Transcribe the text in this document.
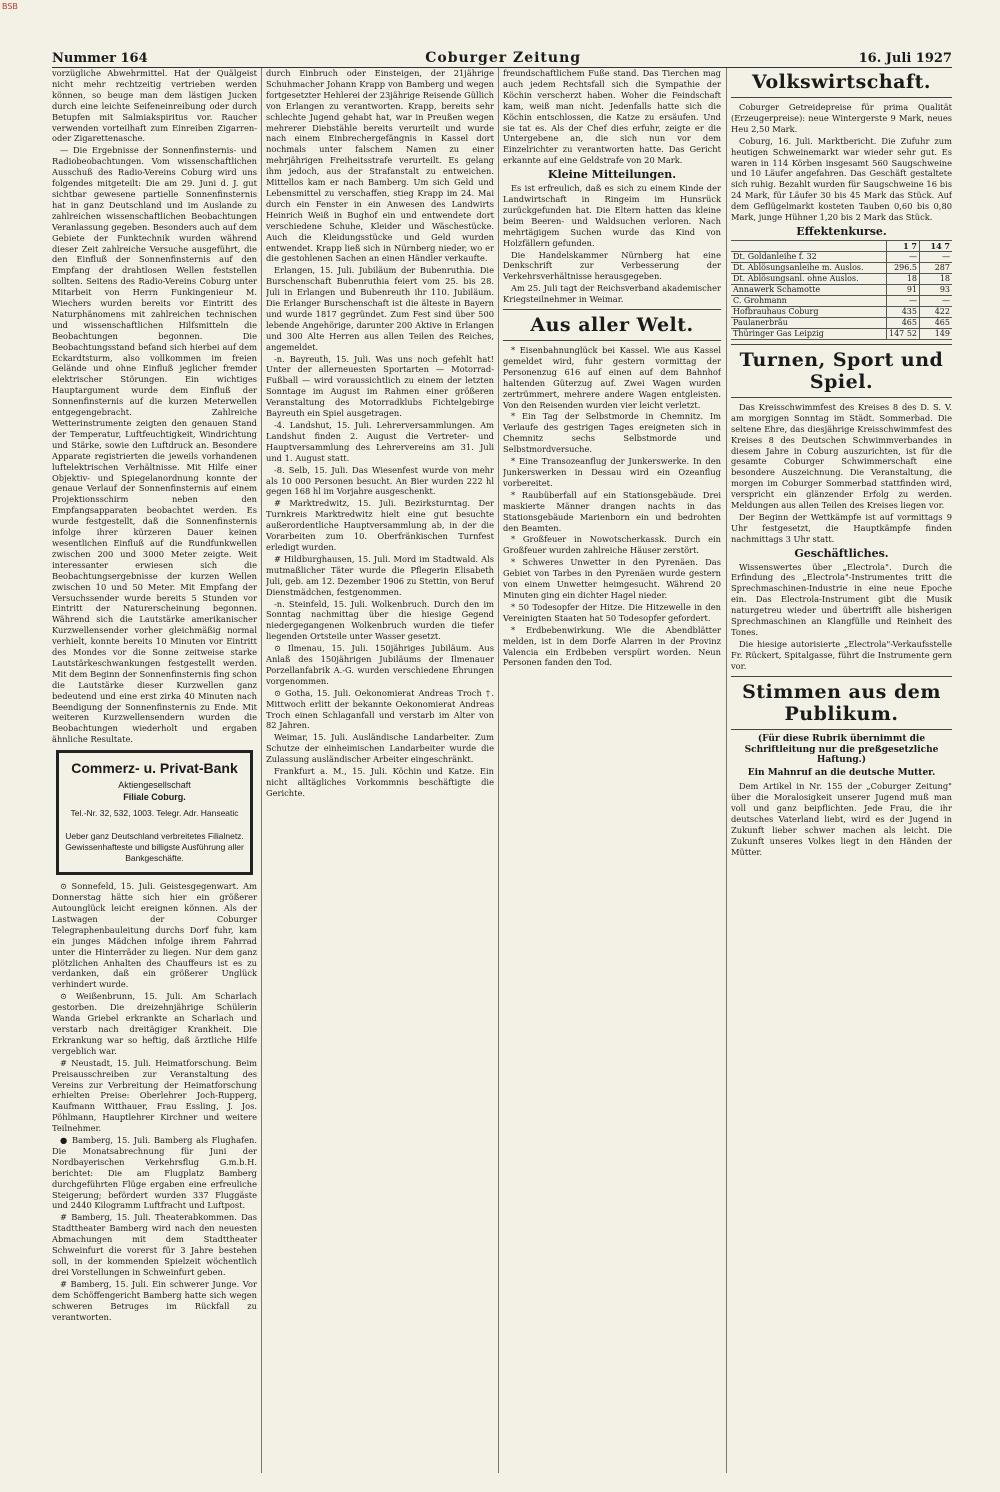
BSB
Nummer 164	Coburger Zeitung	16. Juli 1927

vorzügliche Abwehrmittel. Hat der Quälgeist nicht mehr rechtzeitig vertrieben werden können, so beuge man dem lästigen Jucken durch eine leichte Seifeneinreibung oder durch Betupfen mit Salmiakspiritus vor. Raucher verwenden vorteilhaft zum Einreiben Zigarren- oder Zigarettenasche.

— Die Ergebnisse der Sonnenfinsternis- und Radiobeobachtungen. Vom wissenschaftlichen Ausschuß des Radio-Vereins Coburg wird uns folgendes mitgeteilt: Die am 29. Juni d. J. gut sichtbar gewesene partielle Sonnenfinsternis hat in ganz Deutschland und im Auslande zu zahlreichen wissenschaftlichen Beobachtungen Veranlassung gegeben. Besonders auch auf dem Gebiete der Funktechnik wurden während dieser Zeit zahlreiche Versuche ausgeführt, die den Einfluß der Sonnenfinsternis auf den Empfang der drahtlosen Wellen feststellen sollten. Seitens des Radio-Vereins Coburg unter Mitarbeit von Herrn Funkingenieur M. Wiechers wurden bereits vor Eintritt des Naturphänomens mit zahlreichen technischen und wissenschaftlichen Hilfsmitteln die Beobachtungen begonnen. Die Beobachtungsstand befand sich hierbei auf dem Eckardtsturm, also vollkommen im freien Gelände und ohne Einfluß jeglicher fremder elektrischer Störungen. Ein wichtiges Hauptargument wurde dem Einfluß der Sonnenfinsternis auf die kurzen Meterwellen entgegengebracht. Zahlreiche Wetterinstrumente zeigten den genauen Stand der Temperatur, Luftfeuchtigkeit, Windrichtung und Stärke, sowie den Luftdruck an. Besondere Apparate registrierten die jeweils vorhandenen luftelektrischen Verhältnisse. Mit Hilfe einer Objektiv- und Spiegelanordnung konnte der genaue Verlauf der Sonnenfinsternis auf einem Projektionsschirm neben den Empfangsapparaten beobachtet werden. Es wurde festgestellt, daß die Sonnenfinsternis infolge ihrer kürzeren Dauer keinen wesentlichen Einfluß auf die Rundfunkwellen zwischen 200 und 3000 Meter zeigte. Weit interessanter erwiesen sich die Beobachtungsergebnisse der kurzen Wellen zwischen 10 und 50 Meter. Mit Empfang der Versuchssender wurde bereits 5 Stunden vor Eintritt der Naturerscheinung begonnen. Während sich die Lautstärke amerikanischer Kurzwellensender vorher gleichmäßig normal verhielt, konnte bereits 10 Minuten vor Eintritt des Mondes vor die Sonne zeitweise starke Lautstärkeschwankungen festgestellt werden. Mit dem Beginn der Sonnenfinsternis fing schon die Lautstärke dieser Kurzwellen ganz bedeutend und eine erst zirka 40 Minuten nach Beendigung der Sonnenfinsternis zu Ende. Mit weiteren Kurzwellensendern wurden die Beobachtungen wiederholt und ergaben ähnliche Resultate.

Commerz- u. Privat-Bank
Aktiengesellschaft
Filiale Coburg.
Tel.-Nr. 32, 532, 1003. Telegr. Adr. Hanseatic
Ueber ganz Deutschland verbreitetes Filialnetz. Gewissenhafteste und billigste Ausführung aller Bankgeschäfte.

⊙ Sonnefeld, 15. Juli. Geistesgegenwart. Am Donnerstag hätte sich hier ein größerer Autounglück leicht ereignen können. Als der Lastwagen der Coburger Telegraphenbauleitung durchs Dorf fuhr, kam ein junges Mädchen infolge ihrem Fahrrad unter die Hinterräder zu liegen. Nur dem ganz plötzlichen Anhalten des Chauffeurs ist es zu verdanken, daß ein größerer Unglück verhindert wurde.

⊙ Weißenbrunn, 15. Juli. Am Scharlach gestorben. Die dreizehnjährige Schülerin Wanda Griebel erkrankte an Scharlach und verstarb nach dreitägiger Krankheit. Die Erkrankung war so heftig, daß ärztliche Hilfe vergeblich war.

# Neustadt, 15. Juli. Heimatforschung. Beim Preisausschreiben zur Veranstaltung des Vereins zur Verbreitung der Heimatforschung erhielten Preise: Oberlehrer Joch-Rupperg, Kaufmann Witthauer, Frau Essling, J. Jos. Pöhlmann, Hauptlehrer Kirchner und weitere Teilnehmer.

● Bamberg, 15. Juli. Bamberg als Flughafen. Die Monatsabrechnung für Juni der Nordbayerischen Verkehrsflug G.m.b.H. berichtet: Die am Flugplatz Bamberg durchgeführten Flüge ergaben eine erfreuliche Steigerung; befördert wurden 337 Fluggäste und 2440 Kilogramm Luftfracht und Luftpost.

# Bamberg, 15. Juli. Theaterabkommen. Das Stadttheater Bamberg wird nach den neuesten Abmachungen mit dem Stadttheater Schweinfurt die vorerst für 3 Jahre bestehen soll, in der kommenden Spielzeit wöchentlich drei Vorstellungen in Schweinfurt geben.

# Bamberg, 15. Juli. Ein schwerer Junge. Vor dem Schöffengericht Bamberg hatte sich wegen schweren Betruges im Rückfall zu verantworten.

durch Einbruch oder Einsteigen, der 21jährige Schuhmacher Johann Krapp von Bamberg und wegen fortgesetzter Hehlerei der 23jährige Reisende Güllich von Erlangen zu verantworten. Krapp, bereits sehr schlechte Jugend gehabt hat, war in Preußen wegen mehrerer Diebstähle bereits verurteilt und wurde nach einem Einbrechergefängnis in Kassel dort nochmals unter falschem Namen zu einer mehrjährigen Freiheitsstrafe verurteilt. Es gelang ihm jedoch, aus der Strafanstalt zu entweichen. Mittellos kam er nach Bamberg. Um sich Geld und Lebensmittel zu verschaffen, stieg Krapp im 24. Mai durch ein Fenster in ein Anwesen des Landwirts Heinrich Weiß in Bughof ein und entwendete dort verschiedene Schuhe, Kleider und Wäschestücke. Auch die Kleidungsstücke und Geld wurden entwendet. Krapp ließ sich in Nürnberg nieder, wo er die gestohlenen Sachen an einen Händler verkaufte.

Erlangen, 15. Juli. Jubiläum der Bubenruthia. Die Burschenschaft Bubenruthia feiert vom 25. bis 28. Juli in Erlangen und Bubenreuth ihr 110. Jubiläum. Die Erlanger Burschenschaft ist die älteste in Bayern und wurde 1817 gegründet. Zum Fest sind über 500 lebende Angehörige, darunter 200 Aktive in Erlangen und 300 Alte Herren aus allen Teilen des Reiches, angemeldet.

-n. Bayreuth, 15. Juli. Was uns noch gefehlt hat! Unter der allerneuesten Sportarten — Motorrad-Fußball — wird voraussichtlich zu einem der letzten Sonntage im August im Rahmen einer größeren Veranstaltung des Motorradklubs Fichtelgebirge Bayreuth ein Spiel ausgetragen.

-4. Landshut, 15. Juli. Lehrerversammlungen. Am Landshut finden 2. August die Vertreter- und Hauptversammlung des Lehrervereins am 31. Juli und 1. August statt.

-8. Selb, 15. Juli. Das Wiesenfest wurde von mehr als 10 000 Personen besucht. An Bier wurden 222 hl gegen 168 hl im Vorjahre ausgeschenkt.

# Marktredwitz, 15. Juli. Bezirksturntag. Der Turnkreis Marktredwitz hielt eine gut besuchte außerordentliche Hauptversammlung ab, in der die Vorarbeiten zum 10. Oberfränkischen Turnfest erledigt wurden.

# Hildburghausen, 15. Juli. Mord im Stadtwald. Als mutmaßlicher Täter wurde die Pflegerin Elisabeth Juli, geb. am 12. Dezember 1906 zu Stettin, von Beruf Dienstmädchen, festgenommen.

-n. Steinfeld, 15. Juli. Wolkenbruch. Durch den im Sonntag nachmittag über die hiesige Gegend niedergegangenen Wolkenbruch wurden die tiefer liegenden Ortsteile unter Wasser gesetzt.

⊙ Ilmenau, 15. Juli. 150jähriges Jubiläum. Aus Anlaß des 150jährigen Jubiläums der Ilmenauer Porzellanfabrik A.-G. wurden verschiedene Ehrungen vorgenommen.

⊙ Gotha, 15. Juli. Oekonomierat Andreas Troch †. Mittwoch erlitt der bekannte Oekonomierat Andreas Troch einen Schlaganfall und verstarb im Alter von 82 Jahren.

Weimar, 15. Juli. Ausländische Landarbeiter. Zum Schutze der einheimischen Landarbeiter wurde die Zulassung ausländischer Arbeiter eingeschränkt.

Frankfurt a. M., 15. Juli. Köchin und Katze. Ein nicht alltägliches Vorkommnis beschäftigte die Gerichte.

freundschaftlichem Fuße stand. Das Tierchen mag auch jedem Rechtsfall sich die Sympathie der Köchin verscherzt haben. Woher die Feindschaft kam, weiß man nicht. Jedenfalls hatte sich die Köchin entschlossen, die Katze zu ersäufen. Und sie tat es. Als der Chef dies erfuhr, zeigte er die Untergebene an, die sich nun vor dem Einzelrichter zu verantworten hatte. Das Gericht erkannte auf eine Geldstrafe von 20 Mark.

Kleine Mitteilungen.

Es ist erfreulich, daß es sich zu einem Kinde der Landwirtschaft in Ringeim im Hunsrück zurückgefunden hat. Die Eltern hatten das kleine beim Beeren- und Waldsuchen verloren. Nach mehrtägigem Suchen wurde das Kind von Holzfällern gefunden.

Die Handelskammer Nürnberg hat eine Denkschrift zur Verbesserung der Verkehrsverhältnisse herausgegeben.

Am 25. Juli tagt der Reichsverband akademischer Kriegsteilnehmer in Weimar.

Aus aller Welt.

* Eisenbahnunglück bei Kassel. Wie aus Kassel gemeldet wird, fuhr gestern vormittag der Personenzug 616 auf einen auf dem Bahnhof haltenden Güterzug auf. Zwei Wagen wurden zertrümmert, mehrere andere Wagen entgleisten. Von den Reisenden wurden vier leicht verletzt.

* Ein Tag der Selbstmorde in Chemnitz. Im Verlaufe des gestrigen Tages ereigneten sich in Chemnitz sechs Selbstmorde und Selbstmordversuche.

* Eine Transozeanflug der Junkerswerke. In den Junkerswerken in Dessau wird ein Ozeanflug vorbereitet.

* Raubüberfall auf ein Stationsgebäude. Drei maskierte Männer drangen nachts in das Stationsgebäude Marienborn ein und bedrohten den Beamten.

* Großfeuer in Nowotscherkassk. Durch ein Großfeuer wurden zahlreiche Häuser zerstört.

* Schweres Unwetter in den Pyrenäen. Das Gebiet von Tarbes in den Pyrenäen wurde gestern von einem Unwetter heimgesucht. Während 20 Minuten ging ein dichter Hagel nieder.

* 50 Todesopfer der Hitze. Die Hitzewelle in den Vereinigten Staaten hat 50 Todesopfer gefordert.

* Erdbebenwirkung. Wie die Abendblätter melden, ist in dem Dorfe Alarren in der Provinz Valencia ein Erdbeben verspürt worden. Neun Personen fanden den Tod.

Volkswirtschaft.

Coburger Getreidepreise für prima Qualität (Erzeugerpreise): neue Wintergerste 9 Mark, neues Heu 2,50 Mark.

Coburg, 16. Juli. Marktbericht. Die Zufuhr zum heutigen Schweinemarkt war wieder sehr gut. Es waren in 114 Körben insgesamt 560 Saugschweine und 10 Läufer angefahren. Das Geschäft gestaltete sich ruhig. Bezahlt wurden für Saugschweine 16 bis 24 Mark, für Läufer 30 bis 45 Mark das Stück. Auf dem Geflügelmarkt kosteten Tauben 0,60 bis 0,80 Mark, junge Hühner 1,20 bis 2 Mark das Stück.

Effektenkurse.
	1 7	14 7
Dt. Goldanleihe f. 32	—	—
Dt. Ablösungsanleihe m. Auslos.	296.5	287
Dt. Ablösungsanl. ohne Auslos.	18	18
Annawerk Schamotte	91	93
C. Grohmann	—	—
Hofbrauhaus Coburg	435	422
Paulanerbräu	465	465
Thüringer Gas Leipzig	147 52	149
Turnen, Sport und Spiel.

Das Kreisschwimmfest des Kreises 8 des D. S. V. am morgigen Sonntag im Städt. Sommerbad. Die seltene Ehre, das diesjährige Kreisschwimmfest des Kreises 8 des Deutschen Schwimmverbandes in diesem Jahre in Coburg auszurichten, ist für die gesamte Coburger Schwimmerschaft eine besondere Auszeichnung. Die Veranstaltung, die morgen im Coburger Sommerbad stattfinden wird, verspricht ein glänzender Erfolg zu werden. Meldungen aus allen Teilen des Kreises liegen vor.

Der Beginn der Wettkämpfe ist auf vormittags 9 Uhr festgesetzt, die Hauptkämpfe finden nachmittags 3 Uhr statt.

Geschäftliches.

Wissenswertes über „Electrola". Durch die Erfindung des „Electrola"-Instrumentes tritt die Sprechmaschinen-Industrie in eine neue Epoche ein. Das Electrola-Instrument gibt die Musik naturgetreu wieder und übertrifft alle bisherigen Sprechmaschinen an Klangfülle und Reinheit des Tones.

Die hiesige autorisierte „Electrola"-Verkaufsstelle Fr. Rückert, Spitalgasse, führt die Instrumente gern vor.

Stimmen aus dem Publikum.
(Für diese Rubrik übernimmt die Schriftleitung nur die preßgesetzliche Haftung.)
Ein Mahnruf an die deutsche Mutter.

Dem Artikel in Nr. 155 der „Coburger Zeitung" über die Moralosigkeit unserer Jugend muß man voll und ganz beipflichten. Jede Frau, die ihr deutsches Vaterland liebt, wird es der Jugend in Zukunft lieber schwer machen als leicht. Die Zukunft unseres Volkes liegt in den Händen der Mütter.
